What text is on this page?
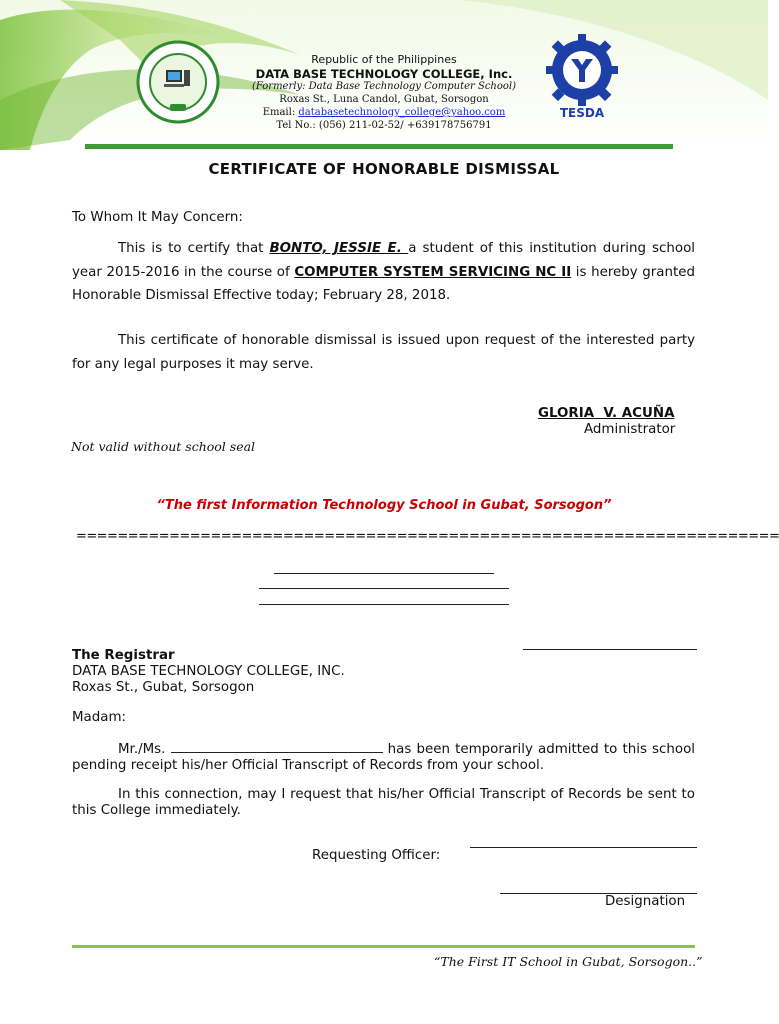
TESDA
Republic of the Philippines
DATA BASE TECHNOLOGY COLLEGE, Inc.
(Formerly: Data Base Technology Computer School)
Roxas St., Luna Candol, Gubat, Sorsogon
Email: databasetechnology_college@yahoo.com
Tel No.: (056) 211-02-52/ +639178756791
CERTIFICATE OF HONORABLE DISMISSAL
To Whom It May Concern:
This is to certify that BONTO, JESSIE E. a student of this institution during school year 2015-2016 in the course of COMPUTER SYSTEM SERVICING NC II is hereby granted Honorable Dismissal Effective today; February 28, 2018.
This certificate of honorable dismissal is issued upon request of the interested party for any legal purposes it may serve.
GLORIA  V. ACUÑA
Administrator
Not valid without school seal
“The first Information Technology School in Gubat, Sorsogon”
====================================================================
The Registrar
DATA BASE TECHNOLOGY COLLEGE, INC.
Roxas St., Gubat, Sorsogon
Madam:
Mr./Ms.	has been temporarily admitted to this school pending receipt his/her Official Transcript of Records from your school.
In this connection, may I request that his/her Official Transcript of Records be sent to this College immediately.
Requesting Officer:
Designation
“The First IT School in Gubat, Sorsogon..”
